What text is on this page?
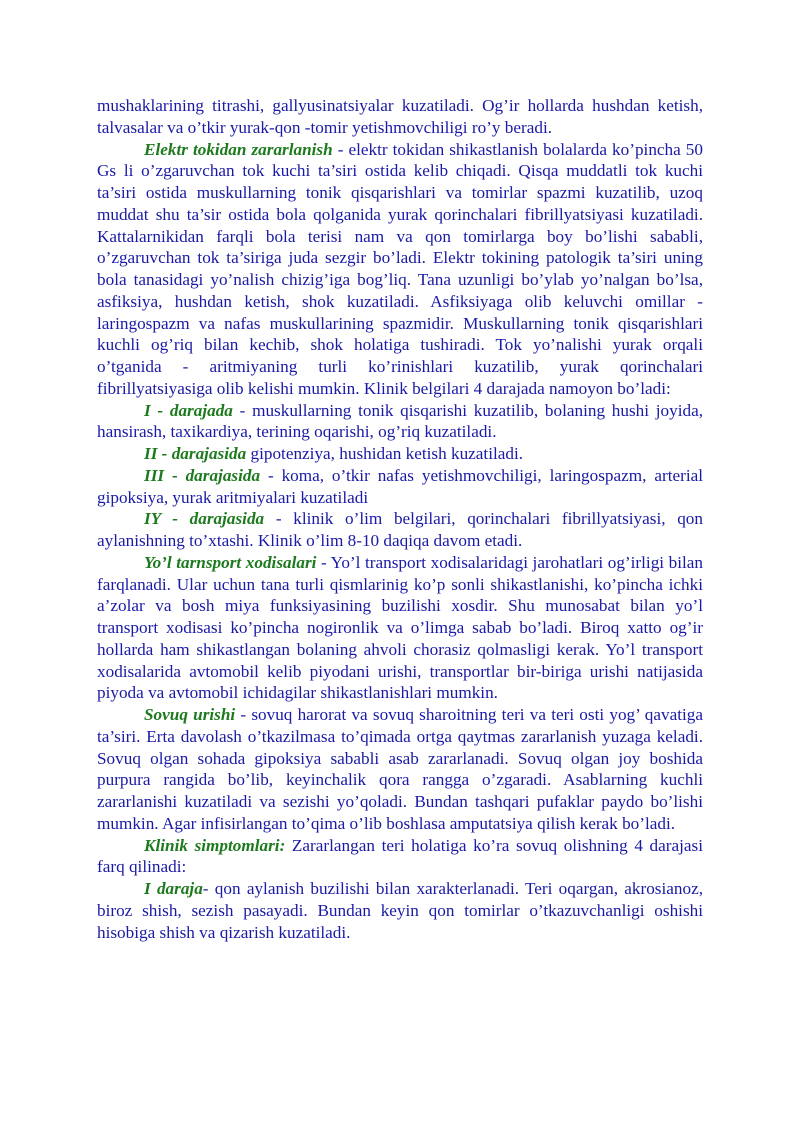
mushaklarining titrashi, gallyusinatsiyalar kuzatiladi. Og’ir hollarda hushdan ketish, talvasalar va o’tkir yurak-qon -tomir yetishmovchiligi ro’y beradi.

Elektr tokidan zararlanish - elektr tokidan shikastlanish bolalarda ko’pincha 50 Gs li o’zgaruvchan tok kuchi ta’siri ostida kelib chiqadi. Qisqa muddatli tok kuchi ta’siri ostida muskullarning tonik qisqarishlari va tomirlar spazmi kuzatilib, uzoq muddat shu ta’sir ostida bola qolganida yurak qorinchalari fibrillyatsiyasi kuzatiladi. Kattalarnikidan farqli bola terisi nam va qon tomirlarga boy bo’lishi sababli, o’zgaruvchan tok ta’siriga juda sezgir bo’ladi. Elektr tokining patologik ta’siri uning bola tanasidagi yo’nalish chizig’iga bog’liq. Tana uzunligi bo’ylab yo’nalgan bo’lsa, asfiksiya, hushdan ketish, shok kuzatiladi. Asfiksiyaga olib keluvchi omillar - laringospazm va nafas muskullarining spazmidir. Muskullarning tonik qisqarishlari kuchli og’riq bilan kechib, shok holatiga tushiradi. Tok yo’nalishi yurak orqali o’tganida - aritmiyaning turli ko’rinishlari kuzatilib, yurak qorinchalari fibrillyatsiyasiga olib kelishi mumkin. Klinik belgilari 4 darajada namoyon bo’ladi:

I - darajada - muskullarning tonik qisqarishi kuzatilib, bolaning hushi joyida, hansirash, taxikardiya, terining oqarishi, og’riq kuzatiladi.

II - darajasida gipotenziya, hushidan ketish kuzatiladi.

III - darajasida - koma, o’tkir nafas yetishmovchiligi, laringospazm, arterial gipoksiya, yurak aritmiyalari kuzatiladi

IY - darajasida - klinik o’lim belgilari, qorinchalari fibrillyatsiyasi, qon aylanishning to’xtashi. Klinik o’lim 8-10 daqiqa davom etadi.

Yo’l tarnsport xodisalari - Yo’l transport xodisalaridagi jarohatlari og’irligi bilan farqlanadi. Ular uchun tana turli qismlarinig ko’p sonli shikastlanishi, ko’pincha ichki a’zolar va bosh miya funksiyasining buzilishi xosdir. Shu munosabat bilan yo’l transport xodisasi ko’pincha nogironlik va o’limga sabab bo’ladi. Biroq xatto og’ir hollarda ham shikastlangan bolaning ahvoli chorasiz qolmasligi kerak. Yo’l transport xodisalarida avtomobil kelib piyodani urishi, transportlar bir-biriga urishi natijasida piyoda va avtomobil ichidagilar shikastlanishlari mumkin.

Sovuq urishi - sovuq harorat va sovuq sharoitning teri va teri osti yog’ qavatiga ta’siri. Erta davolash o’tkazilmasa to’qimada ortga qaytmas zararlanish yuzaga keladi. Sovuq olgan sohada gipoksiya sababli asab zararlanadi. Sovuq olgan joy boshida purpura rangida bo’lib, keyinchalik qora rangga o’zgaradi. Asablarning kuchli zararlanishi kuzatiladi va sezishi yo’qoladi. Bundan tashqari pufaklar paydo bo’lishi mumkin. Agar infisirlangan to’qima o’lib boshlasa amputatsiya qilish kerak bo’ladi.

Klinik simptomlari: Zararlangan teri holatiga ko’ra sovuq olishning 4 darajasi farq qilinadi:

I daraja- qon aylanish buzilishi bilan xarakterlanadi. Teri oqargan, akrosianoz, biroz shish, sezish pasayadi. Bundan keyin qon tomirlar o’tkazuvchanligi oshishi hisobiga shish va qizarish kuzatiladi.
